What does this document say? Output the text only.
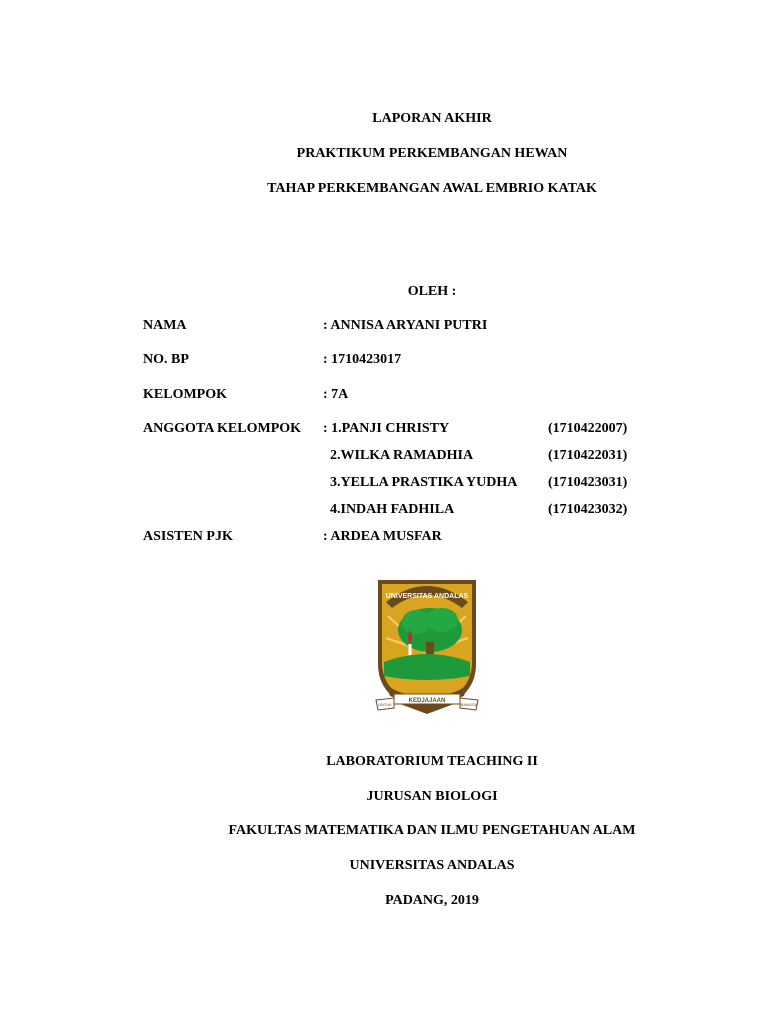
LAPORAN AKHIR
PRAKTIKUM PERKEMBANGAN HEWAN
TAHAP PERKEMBANGAN AWAL EMBRIO KATAK
OLEH :
NAMA	: ANNISA ARYANI PUTRI
NO. BP	: 1710423017
KELOMPOK	: 7A
ANGGOTA KELOMPOK : 1.PANJI CHRISTY	(1710422007)
2.WILKA RAMADHIA	(1710422031)
3.YELLA PRASTIKA YUDHA (1710423031)
4.INDAH FADHILA	(1710423032)
ASISTEN PJK	: ARDEA MUSFAR
UNIVERSITAS ANDALAS
KEDJAJAAN
UNTUK	BANGSA
LABORATORIUM TEACHING II
JURUSAN BIOLOGI
FAKULTAS MATEMATIKA DAN ILMU PENGETAHUAN ALAM
UNIVERSITAS ANDALAS
PADANG, 2019
